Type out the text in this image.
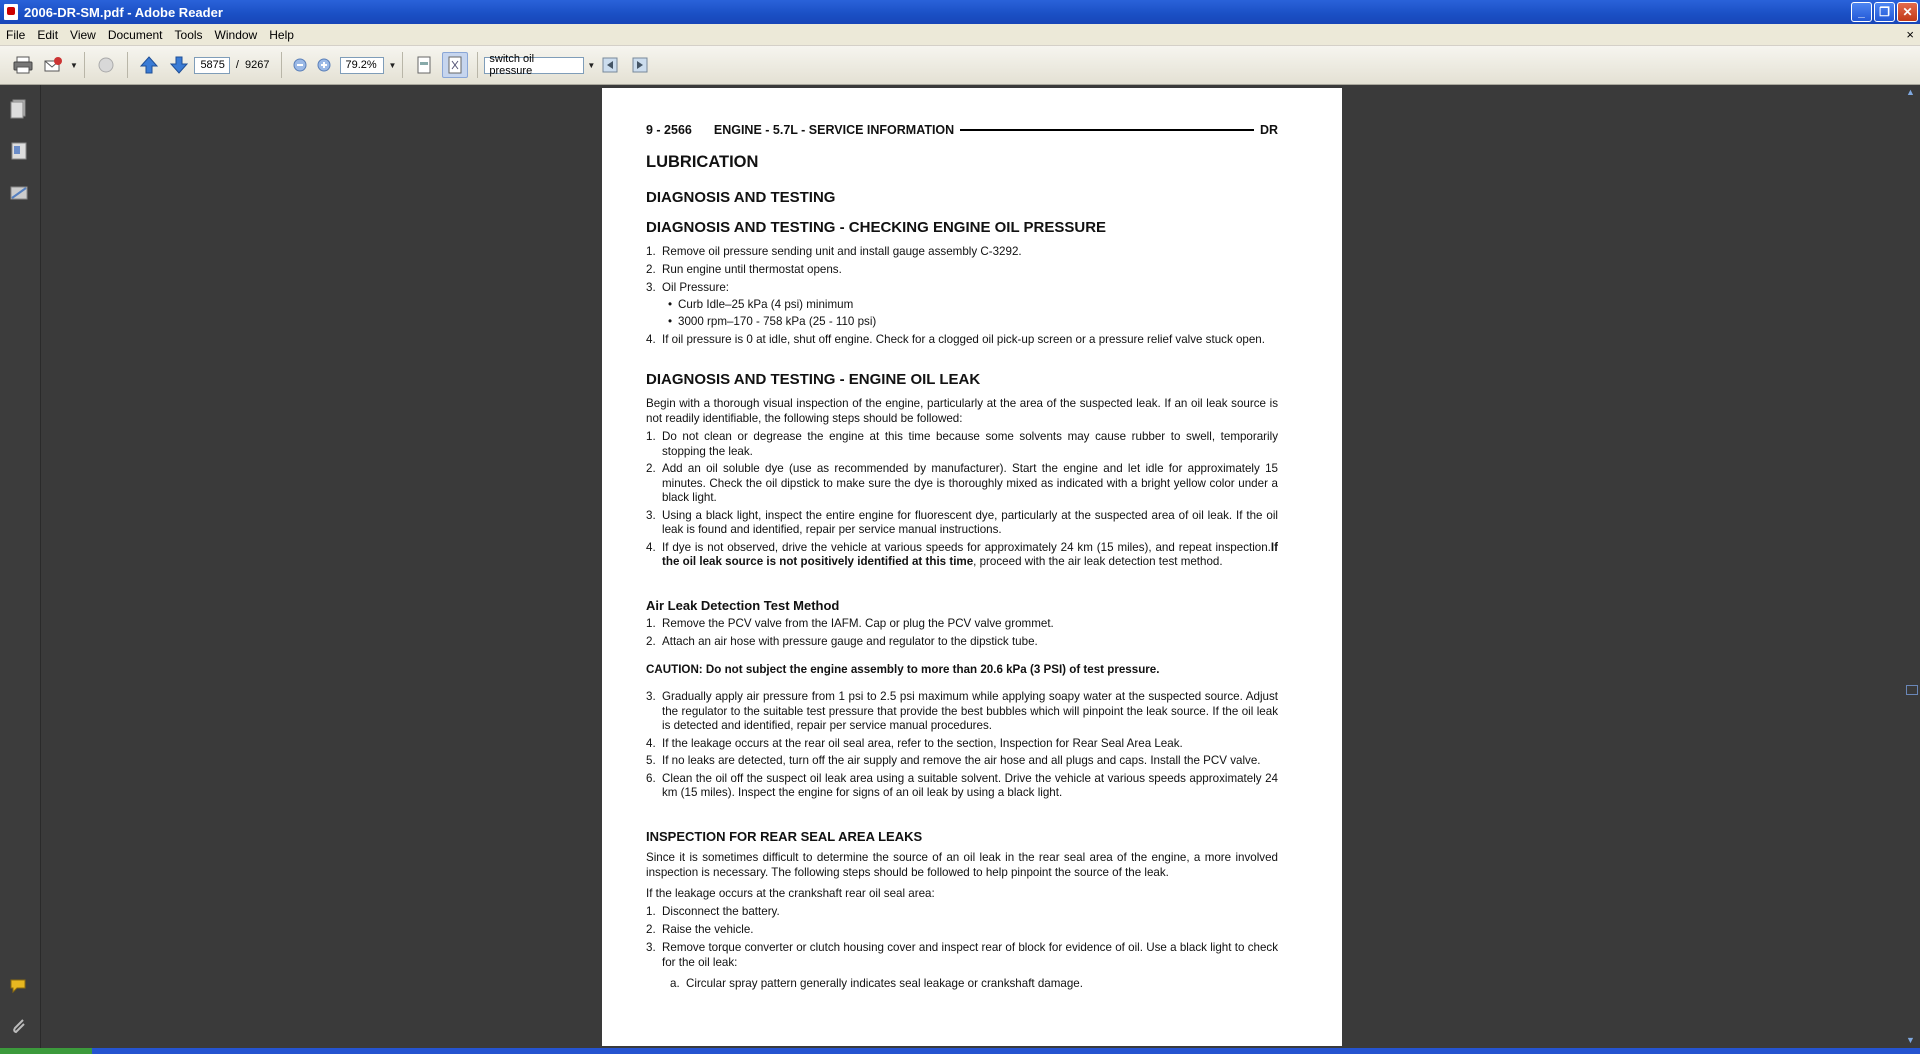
2006-DR-SM.pdf - Adobe Reader	_	❐	✕
File	Edit	View	Document	Tools	Window	Help	×
▼	5875	/ 9267	79.2%	▼	switch oil pressure	▼
9 - 2566 ENGINE - 5.7L - SERVICE INFORMATION	DR
LUBRICATION
DIAGNOSIS AND TESTING
DIAGNOSIS AND TESTING - CHECKING ENGINE OIL PRESSURE
1. Remove oil pressure sending unit and install gauge assembly C-3292.
2. Run engine until thermostat opens.
3. Oil Pressure:
• Curb Idle–25 kPa (4 psi) minimum
• 3000 rpm–170 - 758 kPa (25 - 110 psi)
4. If oil pressure is 0 at idle, shut off engine. Check for a clogged oil pick-up screen or a pressure relief valve stuck open.
DIAGNOSIS AND TESTING - ENGINE OIL LEAK
Begin with a thorough visual inspection of the engine, particularly at the area of the suspected leak. If an oil leak source is not readily identifiable, the following steps should be followed:
1. Do not clean or degrease the engine at this time because some solvents may cause rubber to swell, temporarily stopping the leak.
2. Add an oil soluble dye (use as recommended by manufacturer). Start the engine and let idle for approximately 15 minutes. Check the oil dipstick to make sure the dye is thoroughly mixed as indicated with a bright yellow color under a black light.
3. Using a black light, inspect the entire engine for fluorescent dye, particularly at the suspected area of oil leak. If the oil leak is found and identified, repair per service manual instructions.
4. If dye is not observed, drive the vehicle at various speeds for approximately 24 km (15 miles), and repeat inspection.If the oil leak source is not positively identified at this time, proceed with the air leak detection test method.
Air Leak Detection Test Method
1. Remove the PCV valve from the IAFM. Cap or plug the PCV valve grommet.
2. Attach an air hose with pressure gauge and regulator to the dipstick tube.
CAUTION: Do not subject the engine assembly to more than 20.6 kPa (3 PSI) of test pressure.
3. Gradually apply air pressure from 1 psi to 2.5 psi maximum while applying soapy water at the suspected source. Adjust the regulator to the suitable test pressure that provide the best bubbles which will pinpoint the leak source. If the oil leak is detected and identified, repair per service manual procedures.
4. If the leakage occurs at the rear oil seal area, refer to the section, Inspection for Rear Seal Area Leak.
5. If no leaks are detected, turn off the air supply and remove the air hose and all plugs and caps. Install the PCV valve.
6. Clean the oil off the suspect oil leak area using a suitable solvent. Drive the vehicle at various speeds approximately 24 km (15 miles). Inspect the engine for signs of an oil leak by using a black light.
INSPECTION FOR REAR SEAL AREA LEAKS
Since it is sometimes difficult to determine the source of an oil leak in the rear seal area of the engine, a more involved inspection is necessary. The following steps should be followed to help pinpoint the source of the leak.
If the leakage occurs at the crankshaft rear oil seal area:
1. Disconnect the battery.
2. Raise the vehicle.
3. Remove torque converter or clutch housing cover and inspect rear of block for evidence of oil. Use a black light to check for the oil leak:
a. Circular spray pattern generally indicates seal leakage or crankshaft damage.
▲
▼
